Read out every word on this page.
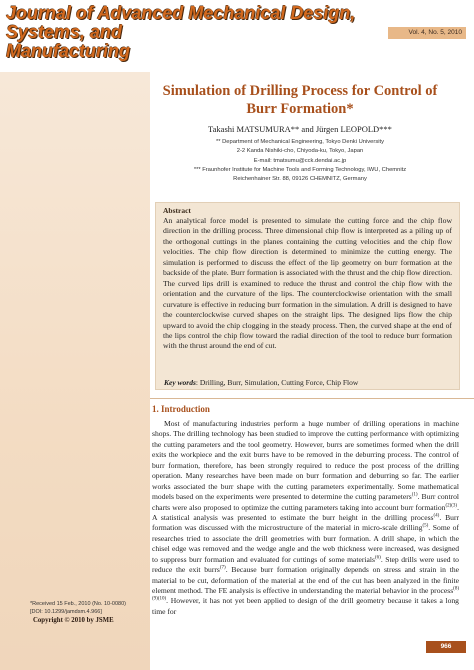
Journal of Advanced Mechanical Design,
Systems, and
Manufacturing
Vol. 4, No. 5, 2010
Simulation of Drilling Process for Control of
Burr Formation*
Takashi MATSUMURA** and Jürgen LEOPOLD***
** Department of Mechanical Engineering, Tokyo Denki University
2-2 Kanda Nishiki-cho, Chiyoda-ku, Tokyo, Japan
E-mail: tmatsumu@cck.dendai.ac.jp
*** Fraunhofer Institute for Machine Tools and Forming Technology, IWU, Chemnitz
Reichenhainer Str. 88, 09126 CHEMNITZ, Germany
Abstract
An analytical force model is presented to simulate the cutting force and the chip flow direction in the drilling process. Three dimensional chip flow is interpreted as a piling up of the orthogonal cuttings in the planes containing the cutting velocities and the chip flow velocities. The chip flow direction is determined to minimize the cutting energy. The simulation is performed to discuss the effect of the lip geometry on burr formation at the backside of the plate. Burr formation is associated with the thrust and the chip flow direction. The curved lips drill is examined to reduce the thrust and control the chip flow with the orientation and the curvature of the lips. The counterclockwise orientation with the small curvature is effective in reducing burr formation in the simulation. A drill is designed to have the counterclockwise curved shapes on the straight lips. The designed lips flow the chip upward to avoid the chip clogging in the steady process. Then, the curved shape at the end of the lips control the chip flow toward the radial direction of the tool to reduce burr formation with the thrust around the end of cut.
Key words: Drilling, Burr, Simulation, Cutting Force, Chip Flow
1. Introduction

Most of manufacturing industries perform a huge number of drilling operations in machine shops. The drilling technology has been studied to improve the cutting performance with optimizing the cutting parameters and the tool geometry. However, burrs are sometimes formed when the drill exits the workpiece and the exit burrs have to be removed in the deburring process. The control of burr formation, therefore, has been strongly required to reduce the post process of the drilling operation. Many researches have been made on burr formation and deburring so far. The earlier works associated the burr shape with the cutting parameters experimentally. Some mathematical models based on the experiments were presented to determine the cutting parameters$^{(1)}$. Burr control charts were also proposed to optimize the cutting parameters taking into account burr formation$^{(2)(3)}$. A statistical analysis was presented to estimate the burr height in the drilling process$^{(4)}$. Burr formation was discussed with the microstructure of the material in micro-scale drilling$^{(5)}$. Some of researches tried to associate the drill geometries with burr formation. A drill shape, in which the chisel edge was removed and the wedge angle and the web thickness were increased, was designed to suppress burr formation and evaluated for cuttings of some materials$^{(6)}$. Step drills were used to reduce the exit burrs$^{(7)}$. Because burr formation originally depends on stress and strain in the material to be cut, deformation of the material at the end of the cut has been analyzed in the finite element method. The FE analysis is effective in understanding the material behavior in the process$^{(8)(9)(10)}$. However, it has not yet been applied to design of the drill geometry because it takes a long time for

*Received 15 Feb., 2010 (No. 10-0080)
[DOI: 10.1299/jamdsm.4.966]
Copyright © 2010 by JSME
966
